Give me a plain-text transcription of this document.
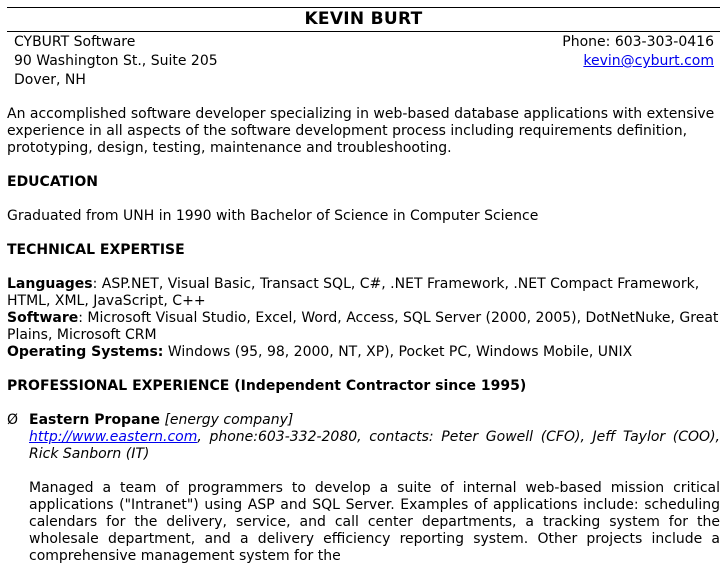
KEVIN BURT
CYBURT Software
90 Washington St., Suite 205
Dover, NH
Phone: 603-303-0416
kevin@cyburt.com

An accomplished software developer specializing in web-based database applications with extensive experience in all aspects of the software development process including requirements definition, prototyping, design, testing, maintenance and troubleshooting.

EDUCATION

Graduated from UNH in 1990 with Bachelor of Science in Computer Science

TECHNICAL EXPERTISE

Languages: ASP.NET, Visual Basic, Transact SQL, C#, .NET Framework, .NET Compact Framework, HTML, XML, JavaScript, C++

Software: Microsoft Visual Studio, Excel, Word, Access, SQL Server (2000, 2005), DotNetNuke, Great Plains, Microsoft CRM

Operating Systems: Windows (95, 98, 2000, NT, XP), Pocket PC, Windows Mobile, UNIX

PROFESSIONAL EXPERIENCE (Independent Contractor since 1995)

Ø Eastern Propane [energy company]

http://www.eastern.com, phone:603-332-2080, contacts: Peter Gowell (CFO), Jeff Taylor (COO), Rick Sanborn (IT)

Managed a team of programmers to develop a suite of internal web-based mission critical applications ("Intranet") using ASP and SQL Server. Examples of applications include: scheduling calendars for the delivery, service, and call center departments, a tracking system for the wholesale department, and a delivery efficiency reporting system. Other projects include a comprehensive management system for the
